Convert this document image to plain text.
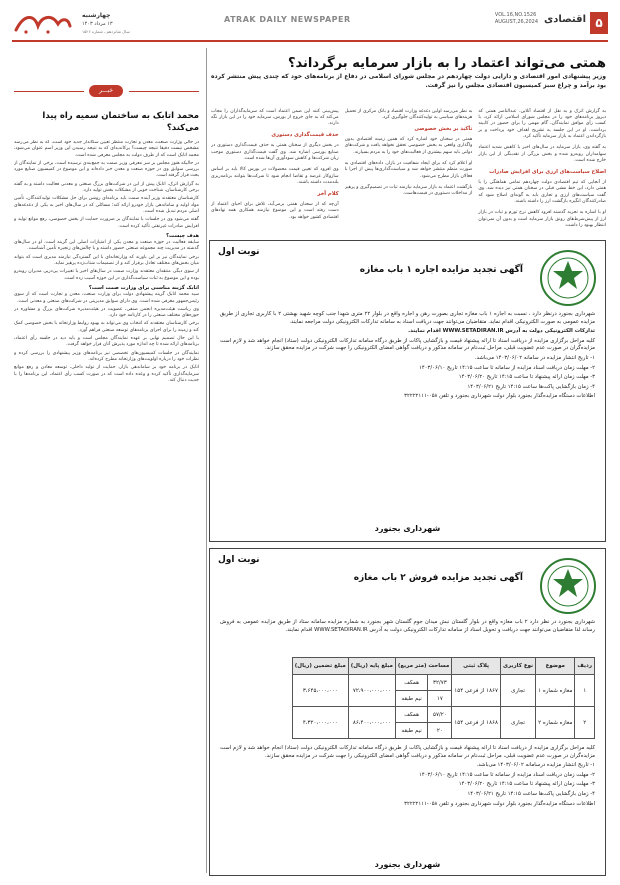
۵
اقتصادی
VOL.16,NO.1526
AUGUST,26,2024
ATRAK DAILY NEWSPAPER
چهارشنبه
۱۳ مرداد ۱۴۰۳
سال شانزدهم ـ شماره ۱۵۲۶
همتی می‌تواند اعتماد را به بازار سرمایه برگرداند؟
وزیر پیشنهادی امور اقتصادی و دارایی دولت چهاردهم در مجلس شورای اسلامی در دفاع از برنامه‌های خود که چندی پیش منتشر کرده بود برآمد و چراغ سبز کمیسیون اقتصادی مجلس را نیز گرفت.

به گزارش اترک و به نقل از اقتصاد آنلاین، عبدالناصر همتی که دیروز برنامه‌های خود را در مجلس شورای اسلامی ارائه کرد، با کسب رأی موافق نمایندگان، گام مهمی را برای حضور در کابینه برداشت. او در این جلسه به تشریح اهداف خود پرداخت و بر بازگرداندن اعتماد به بازار سرمایه تأکید کرد.

به گفته وی، بازار سرمایه در سال‌های اخیر با کاهش شدید اعتماد سهامداران روبه‌رو شده و بخش بزرگی از نقدینگی از این بازار خارج شده است.

اصلاح سیاست‌های ارزی برای افزایش صادرات

از آنجایی که تیم اقتصادی دولت چهاردهم تمامی هماهنگی را با همتی دارد، این خط مشی قبلی در سخنان همتی نیز دیده شد. وی گفت سیاست‌های ارزی و تجاری باید به گونه‌ای اصلاح شود که صادرکنندگان انگیزه بازگشت ارز را داشته باشند.

او با اشاره به تجربه گذشته افزود کاهش نرخ تورم و ثبات در بازار ارز از پیش‌شرط‌های رونق بازار سرمایه است و بدون آن نمی‌توان انتظار بهبود را داشت.

به نظر می‌رسد اولین دغدغه وزارت اقتصاد و بانک مرکزی از تحمیل هزینه‌های سیاسی به تولیدکنندگان جلوگیری کرد.

تأکید بر بخش خصوصی

همتی در سخنان خود اشاره کرد که همین زمینه اقتصادی بدون واگذاری واقعی به بخش خصوصی تحقق نخواهد یافت و شرکت‌های دولتی باید سهم بیشتری از فعالیت‌های خود را به مردم بسپارند.

او اعلام کرد که برای ایجاد شفافیت در بازار، داده‌های اقتصادی به صورت منظم منتشر خواهد شد و سیاست‌گذاری‌ها پیش از اجرا با فعالان بازار مطرح می‌شود.

بازگشت اعتماد به بازار سرمایه نیازمند ثبات در تصمیم‌گیری و پرهیز از مداخلات دستوری در قیمت‌هاست.

پیش‌بینی کنند این ضمن اعتماد است که سرمایه‌گذاران را مجاب می‌کند که به جای خروج از بورس، سرمایه خود را در این بازار نگه دارند.

حذف قیمت‌گذاری دستوری

در بخش دیگری از سخنان همتی به حذف قیمت‌گذاری دستوری در صنایع بورسی اشاره شد. وی گفت قیمت‌گذاری دستوری موجب زیان شرکت‌ها و کاهش سودآوری آن‌ها شده است.

وی افزود که تعیین قیمت محصولات در بورس کالا باید بر اساس سازوکار عرضه و تقاضا انجام شود تا شرکت‌ها بتوانند برنامه‌ریزی بلندمدت داشته باشند.

کلام آخر

آن‌چه که از سخنان همتی برمی‌آید، تلاش برای احیای اعتماد از دست رفته است و این موضوع نیازمند همکاری همه نهادهای اقتصادی کشور خواهد بود.

خبـــر
محمد اتابک به ساختمان سمیه راه پیدا می‌کند؟

در حالی وزارت صنعت، معدن و تجارت منتظر تعیین سکاندار جدید خود است، که به نظر می‌رسد مشخص نیست دقیقا نتیجه چیست؟ پرکاندیدای که به نتیجه رسیدن این وزیر اسم عنوان می‌شود، محمد اتابک است که از طرف دولت به مجلس معرفی شده است.

در حالیکه هنوز مجلس بر سر معرفی وزیر صمت به جمع‌بندی نرسیده است، برخی از نمایندگان از بررسی سوابق وی در حوزه صنعت و معدن خبر داده‌اند و این موضوع در کمیسیون صنایع مورد بحث قرار گرفته است.

به گزارش اترک، اتابک پیش از این در شرکت‌های بزرگ صنعتی و معدنی فعالیت داشته و به گفته برخی کارشناسان، شناخت خوبی از مشکلات بخش تولید دارد.

کارشناسان معتقدند وزیر آینده صمت باید برنامه‌ای روشن برای حل مشکلات تولیدکنندگان، تأمین مواد اولیه و ساماندهی بازار خودرو ارائه کند؛ مسائلی که در سال‌های اخیر به یکی از دغدغه‌های اصلی مردم تبدیل شده است.

گفته می‌شود وی در جلسات با نمایندگان بر ضرورت حمایت از بخش خصوصی، رفع موانع تولید و افزایش صادرات غیرنفتی تأکید کرده است.

هدف چیست؟

سابقه فعالیت در حوزه صنعت و معدن یکی از امتیازات اصلی این گزینه است. او در سال‌های گذشته در مدیریت چند مجموعه صنعتی حضور داشته و با چالش‌های زنجیره تأمین آشناست.

برخی نمایندگان نیز بر این باورند که وزارتخانه‌ای با این گستردگی نیازمند مدیری است که بتواند میان بخش‌های مختلف تعادل برقرار کند و از تصمیمات شتاب‌زده پرهیز نماید.

از سوی دیگر، منتقدان معتقدند وزارت صمت در سال‌های اخیر با تغییرات پی‌درپی مدیران روبه‌رو بوده و این موضوع به ثبات سیاست‌گذاری در این حوزه آسیب زده است.

اتابک گزینه مناسبی برای وزارت صمت است؟

سید محمد اتابک گزینه پیشنهادی دولت برای وزارت صنعت، معدن و تجارت است که از سوی رئیس‌جمهور معرفی شده است. وی دارای سوابق مدیریتی در شرکت‌های صنعتی و معدنی است.

وی ریاست هیئت‌مدیره انجمن صنفی، عضویت در هیئت‌مدیره شرکت‌های بزرگ و مشاوره در حوزه‌های مختلف صنعتی را در کارنامه خود دارد.

برخی کارشناسان معتقدند که انتخاب وی می‌تواند به بهبود روابط وزارتخانه با بخش خصوصی کمک کند و زمینه را برای اجرای برنامه‌های توسعه صنعتی فراهم آورد.

با این حال تصمیم نهایی بر عهده نمایندگان مجلس است و باید دید در جلسه رأی اعتماد، برنامه‌های ارائه شده تا چه اندازه مورد پذیرش آنان قرار خواهد گرفت.

نمایندگان در جلسات کمیسیون‌های تخصصی نیز برنامه‌های وزیر پیشنهادی را بررسی کرده و نظرات خود را درباره اولویت‌های وزارتخانه مطرح کرده‌اند.

اتابک در برنامه خود بر ساماندهی بازار، حمایت از تولید داخلی، توسعه معادن و رفع موانع سرمایه‌گذاری تأکید کرده و وعده داده است که در صورت کسب رأی اعتماد، این برنامه‌ها را با جدیت دنبال کند.

نوبت اول
آگهی تجدید مزایده اجاره ۱ باب مغازه

شهرداری بجنورد درنظر دارد ، نسبت به اجاره ۱ باب مغازه تجاری بصورت رهن و اجاره واقع در بلوار ۲۲ متری شهدا جنب کوچه شهید بهشتی ۲ با کاربری تجاری از طریق مزایده عمومی به صورت الکترونیکی اقدام نماید. متقاضیان می‌توانند جهت دریافت اسناد به سامانه تدارکات الکترونیکی دولت مراجعه نمایند.

تدارکات الکترونیکی دولت به آدرس WWW.SETADIRAN.IR اقدام نمایند.

کلیه مراحل برگزاری مزایده از دریافت اسناد تا ارائه پیشنهاد قیمت و بازگشایی پاکات از طریق درگاه سامانه تدارکات الکترونیکی دولت (ستاد) انجام خواهد شد و لازم است مزایده‌گران در صورت عدم عضویت قبلی، مراحل ثبت‌نام در سامانه مذکور و دریافت گواهی امضای الکترونیکی را جهت شرکت در مزایده محقق سازند.

۱- تاریخ انتشار مزایده در سامانه ۱۴۰۳/۰۶/۰۲ می‌باشد.

۲- مهلت زمان دریافت اسناد مزایده از سامانه تا ساعت ۱۴:۱۵ تاریخ ۱۴۰۳/۰۶/۱۰

۳- مهلت زمان ارائه پیشنهاد تا ساعت ۱۴:۱۵ تاریخ ۱۴۰۳/۰۶/۲۰

۴- زمان بازگشایی پاکت‌ها ساعت ۱۴:۱۵ تاریخ ۱۴۰۳/۰۶/۲۱

اطلاعات دستگاه مزایده‌گذار بجنورد بلوار دولت شهرداری بجنورد و تلفن ۰۵۸-۳۲۲۲۲۱۱۱

شهرداری بجنورد
نوبت اول
آگهی تجدید مزایده فروش ۲ باب مغازه

شهرداری بجنورد در نظر دارد ۲ باب مغازه واقع در بلوار گلستان نبش میدان جوم گلستان شهر بجنورد به شماره مزایده سامانه ستاد از طریق مزایده عمومی به فروش رساند لذا متقاضیان می‌توانند جهت دریافت و تحویل اسناد از سامانه تدارکات الکترونیکی دولت به آدرس WWW.SETADIRAN.IR اقدام نمایند.

ردیف	موضوع	نوع کاربری	پلاک ثبتی	مساحت (متر مربع)		مبلغ پایه (ریال)	مبلغ تضمین (ریال)
۱	مغازه شماره ۱	تجاری	۱۸۶۷ از فرعی ۱۵۴	۳۲/۷۳	همکف	۷۲،۹۰۰،۰۰۰،۰۰۰	۳،۶۴۵،۰۰۰،۰۰۰
				۱۷	نیم طبقه		
۲	مغازه شماره ۲	تجاری	۱۸۶۸ از فرعی ۱۵۴	۵۷/۲۰	همکف	۸۶،۴۰۰،۰۰۰،۰۰۰	۴،۳۲۰،۰۰۰،۰۰۰
				۲۰	نیم طبقه		

کلیه مراحل برگزاری مزایده از دریافت اسناد تا ارائه پیشنهاد قیمت و بازگشایی پاکات از طریق درگاه سامانه تدارکات الکترونیکی دولت (ستاد) انجام خواهد شد و لازم است مزایده‌گران در صورت عدم عضویت قبلی، مراحل ثبت‌نام در سامانه مذکور و دریافت گواهی امضای الکترونیکی را جهت شرکت در مزایده محقق سازند.

۱- تاریخ انتشار مزایده درسامانه ۱۴۰۳/۰۶/۰۲ می‌باشد.

۲- مهلت زمان دریافت اسناد مزایده از سامانه تا ساعت ۱۴:۱۵ تاریخ ۱۴۰۳/۰۶/۱۰

۳- مهلت زمان ارائه پیشنهاد تا ساعت ۱۴:۱۵ تاریخ ۱۴۰۳/۰۶/۲۰

۴- زمان بازگشایی پاکت‌ها ساعت ۱۴:۱۵ تاریخ ۱۴۰۳/۰۶/۲۱

اطلاعات دستگاه مزایده‌گذار بجنورد بلوار دولت شهرداری بجنورد و تلفن ۰۵۸-۳۲۲۲۲۱۱۱

شهرداری بجنورد
